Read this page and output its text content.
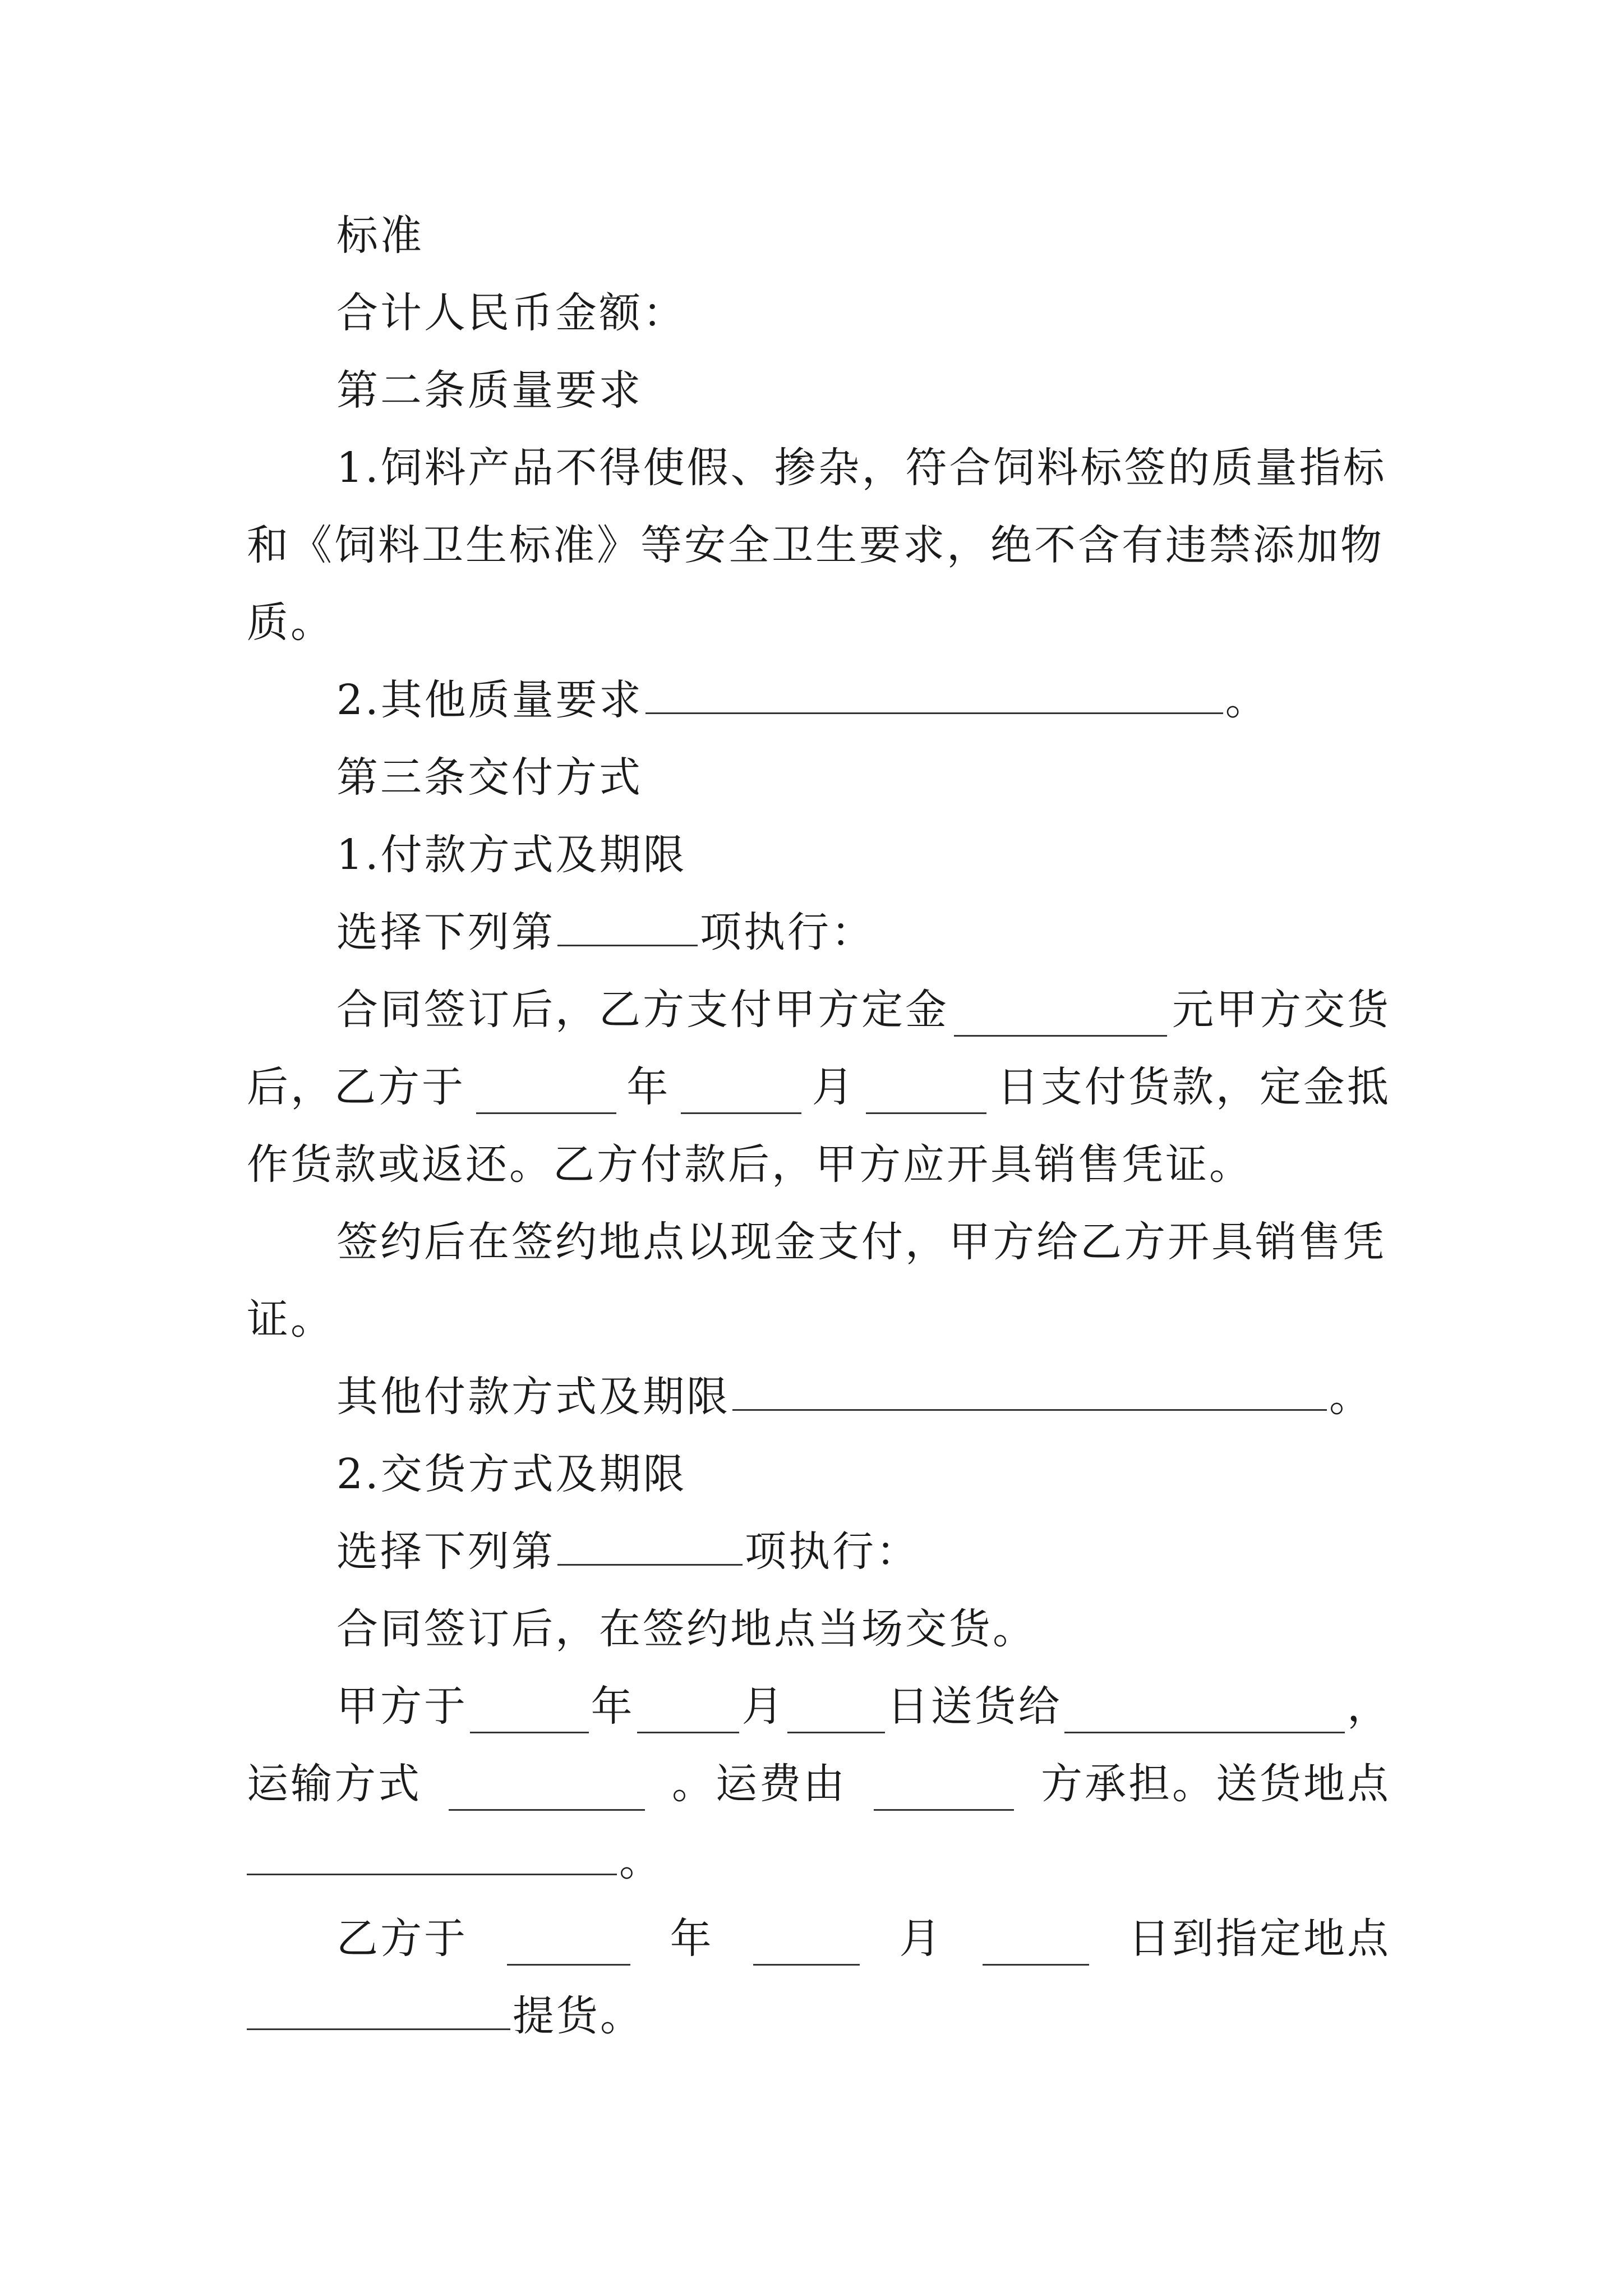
标准
合计人民币金额：
第二条质量要求
1.饲料产品不得使假、掺杂，符合饲料标签的质量指标
和《饲料卫生标准》等安全卫生要求，绝不含有违禁添加物
质。
2.其他质量要求	。
第三条交付方式
1.付款方式及期限
选择下列第	项执行：
合同签订后，乙方支付甲方定金	元甲方交货
后，乙方于	年	月	日支付货款，定金抵
作货款或返还。乙方付款后，甲方应开具销售凭证。
签约后在签约地点以现金支付，甲方给乙方开具销售凭
证。
其他付款方式及期限	。
2.交货方式及期限
选择下列第	项执行：
合同签订后，在签约地点当场交货。
甲方于	年	月 日送货给	，
运输方式	。运费由	方承担。送货地点
。
乙方于	年	月	日到指定地点
提货。
